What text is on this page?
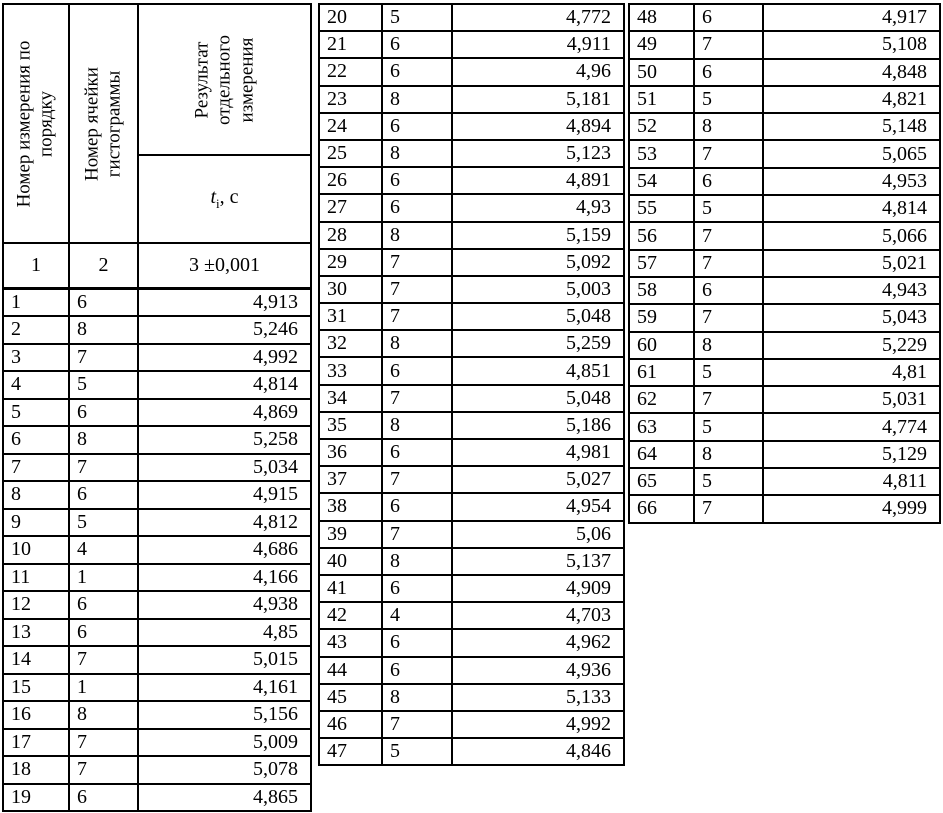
Номер измерения по порядку	Номер ячейки гистограммы	Результат отдельного измерения

		$t_i$, с
1	2	3 ±0,001
1	6	4,913
2	8	5,246
3	7	4,992
4	5	4,814
5	6	4,869
6	8	5,258
7	7	5,034
8	6	4,915
9	5	4,812
10	4	4,686
11	1	4,166
12	6	4,938
13	6	4,85
14	7	5,015
15	1	4,161
16	8	5,156
17	7	5,009
18	7	5,078
19	6	4,865
20	5	4,772
21	6	4,911
22	6	4,96
23	8	5,181
24	6	4,894
25	8	5,123
26	6	4,891
27	6	4,93
28	8	5,159
29	7	5,092
30	7	5,003
31	7	5,048
32	8	5,259
33	6	4,851
34	7	5,048
35	8	5,186
36	6	4,981
37	7	5,027
38	6	4,954
39	7	5,06
40	8	5,137
41	6	4,909
42	4	4,703
43	6	4,962
44	6	4,936
45	8	5,133
46	7	4,992
47	5	4,846
48	6	4,917
49	7	5,108
50	6	4,848
51	5	4,821
52	8	5,148
53	7	5,065
54	6	4,953
55	5	4,814
56	7	5,066
57	7	5,021
58	6	4,943
59	7	5,043
60	8	5,229
61	5	4,81
62	7	5,031
63	5	4,774
64	8	5,129
65	5	4,811
66	7	4,999
